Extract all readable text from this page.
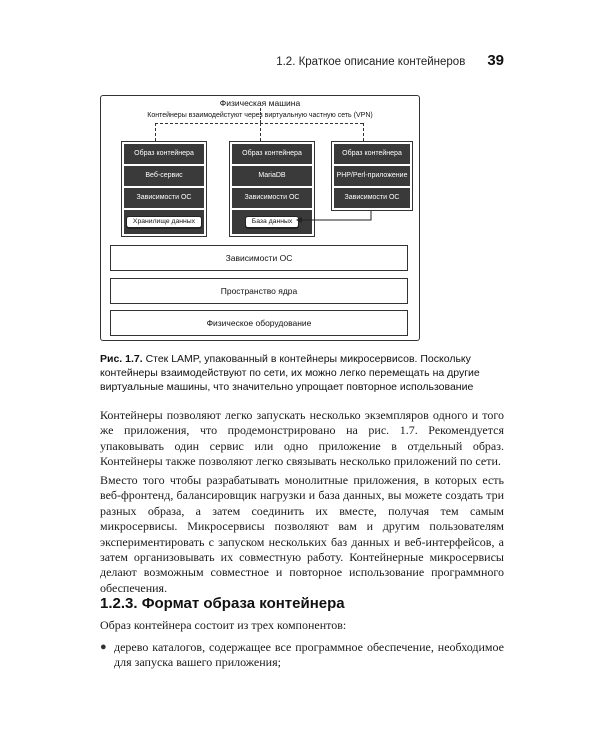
1.2. Краткое описание контейнеров 39
Физическая машина
Контейнеры взаимодейстуют через виртуальную частную сеть (VPN)
Образ контейнера
Веб-сервис
Зависимости ОС
Хранилище данных
Образ контейнера
MariaDB
Зависимости ОС
База данных
Образ контейнера
PHP/Perl-приложение
Зависимости ОС
Зависимости ОС
Пространство ядра
Физическое оборудование
Рис. 1.7. Стек LAMP, упакованный в контейнеры микросервисов. Поскольку контейнеры взаимодействуют по сети, их можно легко перемещать на другие виртуальные машины, что значительно упрощает повторное использование

Контейнеры позволяют легко запускать несколько экземпляров одного и того же приложения, что продемонстрировано на рис. 1.7. Рекомендуется упаковывать один сервис или одно приложение в отдельный образ. Контейнеры также позволяют легко связывать несколько приложений по сети.

Вместо того чтобы разрабатывать монолитные приложения, в которых есть веб-фронтенд, балансировщик нагрузки и база данных, вы можете создать три разных образа, а затем соединить их вместе, получая тем самым микросервисы. Микросервисы позволяют вам и другим пользователям экспериментировать с запуском нескольких баз данных и веб-интерфейсов, а затем организовывать их совместную работу. Контейнерные микросервисы делают возможным совместное и повторное использование программного обеспечения.

1.2.3. Формат образа контейнера

Образ контейнера состоит из трех компонентов:

● дерево каталогов, содержащее все программное обеспечение, необходимое для запуска вашего приложения;
